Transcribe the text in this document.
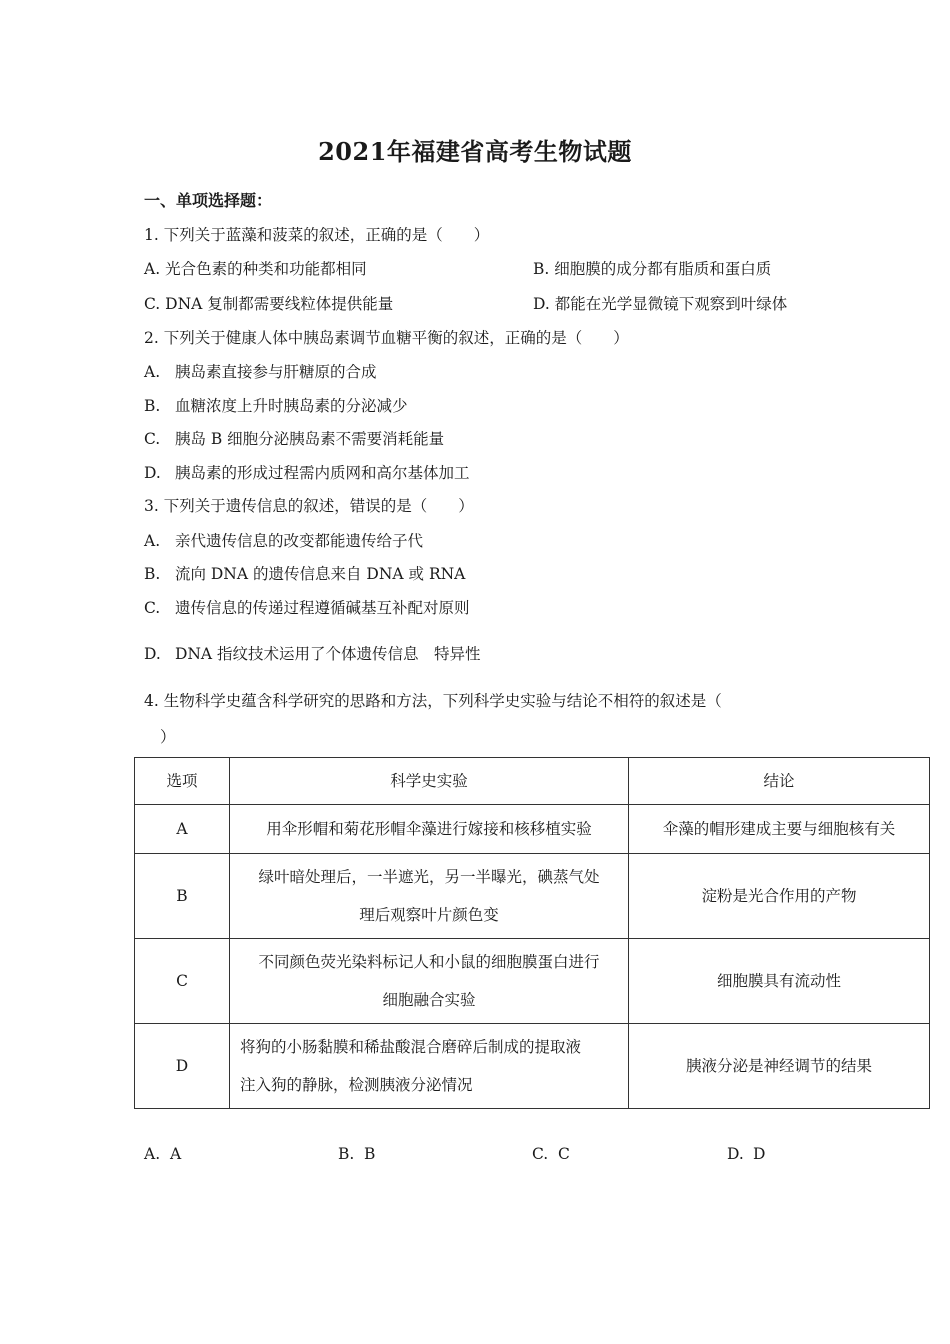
2021年福建省高考生物试题
一、单项选择题：
1. 下列关于蓝藻和菠菜的叙述，正确的是（　　）
A. 光合色素的种类和功能都相同	B. 细胞膜的成分都有脂质和蛋白质
C. DNA 复制都需要线粒体提供能量	D. 都能在光学显微镜下观察到叶绿体
2. 下列关于健康人体中胰岛素调节血糖平衡的叙述，正确的是（　　）
A. 胰岛素直接参与肝糖原的合成
B. 血糖浓度上升时胰岛素的分泌减少
C. 胰岛 B 细胞分泌胰岛素不需要消耗能量
D. 胰岛素的形成过程需内质网和高尔基体加工
3. 下列关于遗传信息的叙述，错误的是（　　）
A. 亲代遗传信息的改变都能遗传给子代
B. 流向 DNA 的遗传信息来自 DNA 或 RNA
C. 遗传信息的传递过程遵循碱基互补配对原则
D. DNA 指纹技术运用了个体遗传信息　特异性
4. 生物科学史蕴含科学研究的思路和方法，下列科学史实验与结论不相符的叙述是（
）
选项	科学史实验	结论
A	用伞形帽和菊花形帽伞藻进行嫁接和核移植实验	伞藻的帽形建成主要与细胞核有关
B	绿叶暗处理后，一半遮光，另一半曝光，碘蒸气处
理后观察叶片颜色变	淀粉是光合作用的产物
C	不同颜色荧光染料标记人和小鼠的细胞膜蛋白进行
细胞融合实验	细胞膜具有流动性
D	将狗的小肠黏膜和稀盐酸混合磨碎后制成的提取液
注入狗的静脉，检测胰液分泌情况	胰液分泌是神经调节的结果
A. A	B. B	C. C	D. D
